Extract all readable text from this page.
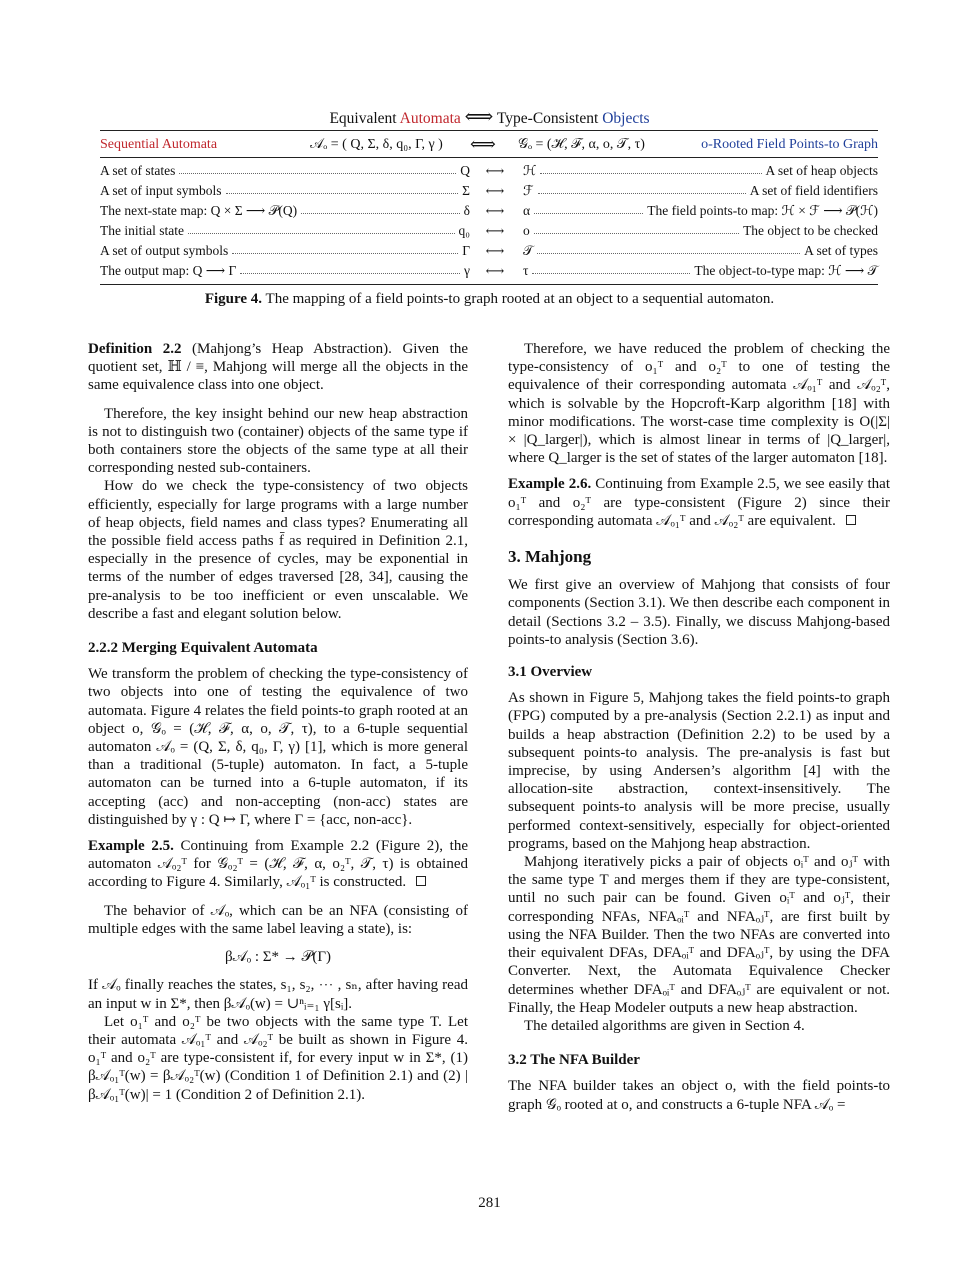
Equivalent Automata ⟺ Type-Consistent Objects
Sequential Automata	𝒜ₒ = ( Q, Σ, δ, q₀, Γ, γ ) ⟺ 𝒢ₒ = (ℋ, ℱ, α, o, 𝒯, τ)	o-Rooted Field Points-to Graph
A set of states	Q	⟷	ℋ	A set of heap objects
A set of input symbols	Σ	⟷	ℱ	A set of field identifiers
The next-state map: Q × Σ ⟶ 𝒫(Q)	δ	⟷	α	The field points-to map: ℋ × ℱ ⟶ 𝒫(ℋ)
The initial state	q₀	⟷	o	The object to be checked
A set of output symbols	Γ	⟷	𝒯	A set of types
The output map: Q ⟶ Γ	γ	⟷	τ	The object-to-type map: ℋ ⟶ 𝒯
Figure 4. The mapping of a field points-to graph rooted at an object to a sequential automaton.

Definition 2.2 (Mahjong’s Heap Abstraction). Given the quotient set, ℍ / ≡, Mahjong will merge all the objects in the same equivalence class into one object.

Therefore, the key insight behind our new heap abstraction is not to distinguish two (container) objects of the same type if both containers store the objects of the same type at all their corresponding nested sub-containers.

How do we check the type-consistency of two objects efficiently, especially for large programs with a large number of heap objects, field names and class types? Enumerating all the possible field access paths f̄ as required in Definition 2.1, especially in the presence of cycles, may be exponential in terms of the number of edges traversed [28, 34], causing the pre-analysis to be too inefficient or even unscalable. We describe a fast and elegant solution below.

2.2.2 Merging Equivalent Automata

We transform the problem of checking the type-consistency of two objects into one of testing the equivalence of two automata. Figure 4 relates the field points-to graph rooted at an object o, 𝒢ₒ = (ℋ, ℱ, α, o, 𝒯, τ), to a 6-tuple sequential automaton 𝒜ₒ = (Q, Σ, δ, q₀, Γ, γ) [1], which is more general than a traditional (5-tuple) automaton. In fact, a 5-tuple automaton can be turned into a 6-tuple automaton, if its accepting (acc) and non-accepting (non-acc) states are distinguished by γ : Q ↦ Γ, where Γ = {acc, non-acc}.

Example 2.5. Continuing from Example 2.2 (Figure 2), the automaton 𝒜ₒ₂ᵀ for 𝒢ₒ₂ᵀ = (ℋ, ℱ, α, o₂ᵀ, 𝒯, τ) is obtained according to Figure 4. Similarly, 𝒜ₒ₁ᵀ is constructed.

The behavior of 𝒜ₒ, which can be an NFA (consisting of multiple edges with the same label leaving a state), is:

β𝒜ₒ : Σ* → 𝒫(Γ)

If 𝒜ₒ finally reaches the states, s₁, s₂, ⋯ , sₙ, after having read an input w in Σ*, then β𝒜ₒ(w) = ∪ⁿᵢ₌₁ γ[sᵢ].

Let o₁ᵀ and o₂ᵀ be two objects with the same type T. Let their automata 𝒜ₒ₁ᵀ and 𝒜ₒ₂ᵀ be built as shown in Figure 4. o₁ᵀ and o₂ᵀ are type-consistent if, for every input w in Σ*, (1) β𝒜ₒ₁ᵀ(w) = β𝒜ₒ₂ᵀ(w) (Condition 1 of Definition 2.1) and (2) |β𝒜ₒ₁ᵀ(w)| = 1 (Condition 2 of Definition 2.1).

Therefore, we have reduced the problem of checking the type-consistency of o₁ᵀ and o₂ᵀ to one of testing the equivalence of their corresponding automata 𝒜ₒ₁ᵀ and 𝒜ₒ₂ᵀ, which is solvable by the Hopcroft-Karp algorithm [18] with minor modifications. The worst-case time complexity is O(|Σ| × |Q_larger|), which is almost linear in terms of |Q_larger|, where Q_larger is the set of states of the larger automaton [18].

Example 2.6. Continuing from Example 2.5, we see easily that o₁ᵀ and o₂ᵀ are type-consistent (Figure 2) since their corresponding automata 𝒜ₒ₁ᵀ and 𝒜ₒ₂ᵀ are equivalent.

3. Mahjong

We first give an overview of Mahjong that consists of four components (Section 3.1). We then describe each component in detail (Sections 3.2 – 3.5). Finally, we discuss Mahjong-based points-to analysis (Section 3.6).

3.1 Overview

As shown in Figure 5, Mahjong takes the field points-to graph (FPG) computed by a pre-analysis (Section 2.2.1) as input and builds a heap abstraction (Definition 2.2) to be used by a subsequent points-to analysis. The pre-analysis is fast but imprecise, by using Andersen’s algorithm [4] with the allocation-site abstraction, context-insensitively. The subsequent points-to analysis will be more precise, usually performed context-sensitively, especially for object-oriented programs, based on the Mahjong heap abstraction.

Mahjong iteratively picks a pair of objects oᵢᵀ and oⱼᵀ with the same type T and merges them if they are type-consistent, until no such pair can be found. Given oᵢᵀ and oⱼᵀ, their corresponding NFAs, NFAₒᵢᵀ and NFAₒⱼᵀ, are first built by using the NFA Builder. Then the two NFAs are converted into their equivalent DFAs, DFAₒᵢᵀ and DFAₒⱼᵀ, by using the DFA Converter. Next, the Automata Equivalence Checker determines whether DFAₒᵢᵀ and DFAₒⱼᵀ are equivalent or not. Finally, the Heap Modeler outputs a new heap abstraction.

The detailed algorithms are given in Section 4.

3.2 The NFA Builder

The NFA builder takes an object o, with the field points-to graph 𝒢ₒ rooted at o, and constructs a 6-tuple NFA 𝒜ₒ =

281
